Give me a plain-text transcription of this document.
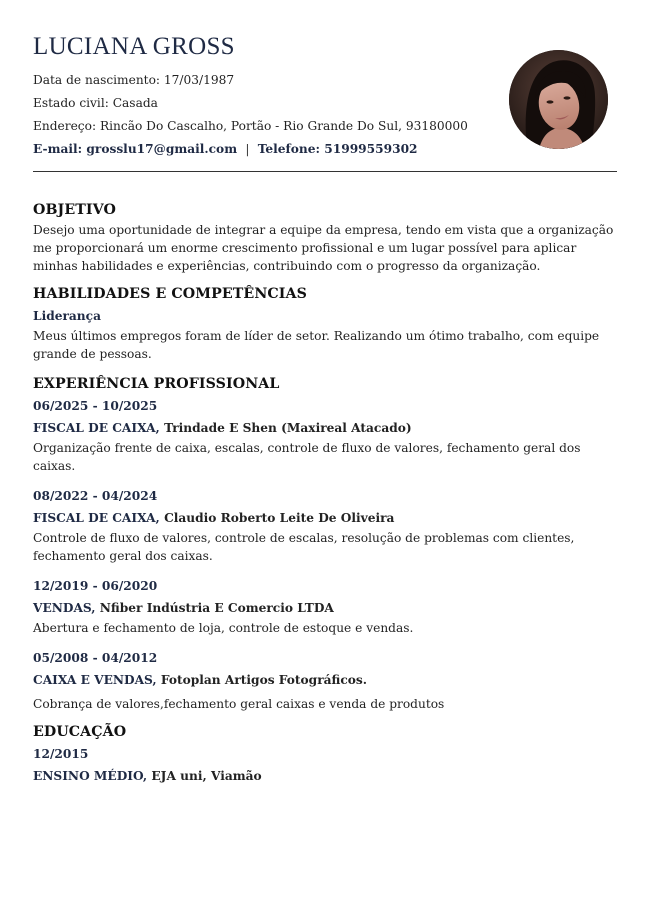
LUCIANA GROSS
Data de nascimento: 17/03/1987
Estado civil: Casada
Endereço: Rincão Do Cascalho, Portão - Rio Grande Do Sul, 93180000
E-mail: grosslu17@gmail.com | Telefone: 51999559302
OBJETIVO
Desejo uma oportunidade de integrar a equipe da empresa, tendo em vista que a organização me proporcionará um enorme crescimento profissional e um lugar possível para aplicar minhas habilidades e experiências, contribuindo com o progresso da organização.
HABILIDADES E COMPETÊNCIAS
Liderança
Meus últimos empregos foram de líder de setor. Realizando um ótimo trabalho, com equipe grande de pessoas.
EXPERIÊNCIA PROFISSIONAL
06/2025 - 10/2025
FISCAL DE CAIXA, Trindade E Shen (Maxireal Atacado)
Organização frente de caixa, escalas, controle de fluxo de valores, fechamento geral dos caixas.
08/2022 - 04/2024
FISCAL DE CAIXA, Claudio Roberto Leite De Oliveira
Controle de fluxo de valores, controle de escalas, resolução de problemas com clientes, fechamento geral dos caixas.
12/2019 - 06/2020
VENDAS, Nfiber Indústria E Comercio LTDA
Abertura e fechamento de loja, controle de estoque e vendas.
05/2008 - 04/2012
CAIXA E VENDAS, Fotoplan Artigos Fotográficos.
Cobrança de valores,fechamento geral caixas e venda de produtos
EDUCAÇÃO
12/2015
ENSINO MÉDIO, EJA uni, Viamão
